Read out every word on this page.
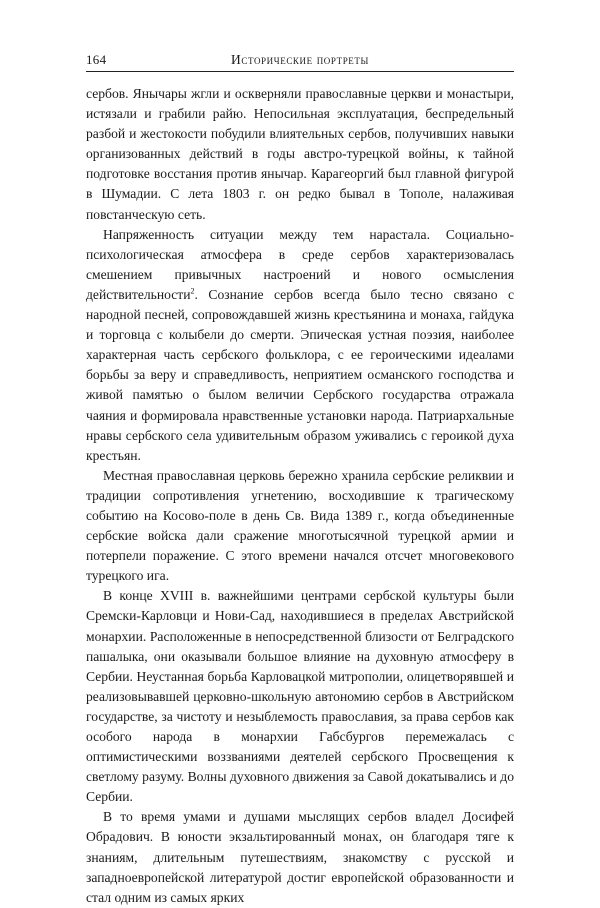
164	Исторические портреты

сербов. Янычары жгли и оскверняли православные церкви и монастыри, истязали и грабили райю. Непосильная эксплуатация, беспредельный разбой и жестокости побудили влиятельных сербов, получивших навыки организованных действий в годы австро-турецкой войны, к тайной подготовке восстания против янычар. Карагеоргий был главной фигурой в Шумадии. С лета 1803 г. он редко бывал в Тополе, налаживая повстанческую сеть.

Напряженность ситуации между тем нарастала. Социально-психологическая атмосфера в среде сербов характеризовалась смешением привычных настроений и нового осмысления действительности$^2$. Сознание сербов всегда было тесно связано с народной песней, сопровождавшей жизнь крестьянина и монаха, гайдука и торговца с колыбели до смерти. Эпическая устная поэзия, наиболее характерная часть сербского фольклора, с ее героическими идеалами борьбы за веру и справедливость, неприятием османского господства и живой памятью о былом величии Сербского государства отражала чаяния и формировала нравственные установки народа. Патриархальные нравы сербского села удивительным образом уживались с героикой духа крестьян.

Местная православная церковь бережно хранила сербские реликвии и традиции сопротивления угнетению, восходившие к трагическому событию на Косово-поле в день Св. Вида 1389 г., когда объединенные сербские войска дали сражение многотысячной турецкой армии и потерпели поражение. С этого времени начался отсчет многовекового турецкого ига.

В конце XVIII в. важнейшими центрами сербской культуры были Сремски-Карловци и Нови-Сад, находившиеся в пределах Австрийской монархии. Расположенные в непосредственной близости от Белградского пашалыка, они оказывали большое влияние на духовную атмосферу в Сербии. Неустанная борьба Карловацкой митрополии, олицетворявшей и реализовывавшей церковно-школьную автономию сербов в Австрийском государстве, за чистоту и незыблемость православия, за права сербов как особого народа в монархии Габсбургов перемежалась с оптимистическими воззваниями деятелей сербского Просвещения к светлому разуму. Волны духовного движения за Савой докатывались и до Сербии.

В то время умами и душами мыслящих сербов владел Досифей Обрадович. В юности экзальтированный монах, он благодаря тяге к знаниям, длительным путешествиям, знакомству с русской и западноевропейской литературой достиг европейской образованности и стал одним из самых ярких
